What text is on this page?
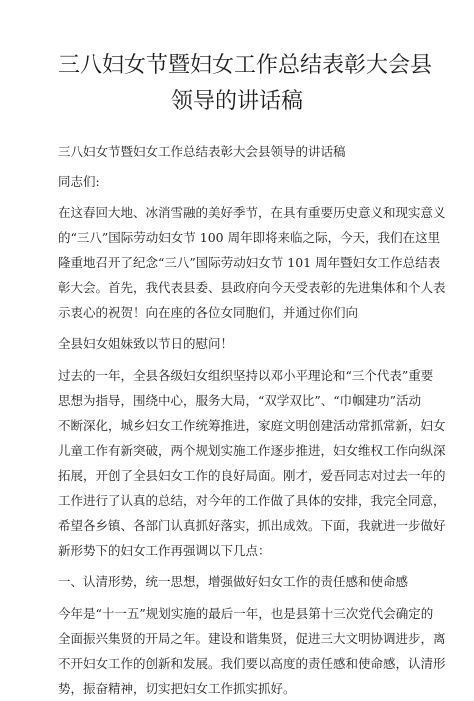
三八妇女节暨妇女工作总结表彰大会县
领导的讲话稿

三八妇女节暨妇女工作总结表彰大会县领导的讲话稿

同志们:

在这春回大地、冰消雪融的美好季节，在具有重要历史意义和现实意义
的“三八”国际劳动妇女节 100 周年即将来临之际，今天，我们在这里
隆重地召开了纪念“三八”国际劳动妇女节 101 周年暨妇女工作总结表
彰大会。首先，我代表县委、县政府向今天受表彰的先进集体和个人表
示衷心的祝贺！向在座的各位女同胞们，并通过你们向

全县妇女姐妹致以节日的慰问！

过去的一年，全县各级妇女组织坚持以邓小平理论和“三个代表”重要
思想为指导，围绕中心，服务大局，“双学双比”、“巾帼建功”活动
不断深化，城乡妇女工作统筹推进，家庭文明创建活动常抓常新，妇女
儿童工作有新突破，两个规划实施工作逐步推进，妇女维权工作向纵深
拓展，开创了全县妇女工作的良好局面。刚才，爱吾同志对过去一年的
工作进行了认真的总结，对今年的工作做了具体的安排，我完全同意，
希望各乡镇、各部门认真抓好落实，抓出成效。下面，我就进一步做好
新形势下的妇女工作再强调以下几点：

一、认清形势，统一思想，增强做好妇女工作的责任感和使命感

今年是“十一五”规划实施的最后一年，也是县第十三次党代会确定的
全面振兴集贤的开局之年。建设和谐集贤，促进三大文明协调进步，离
不开妇女工作的创新和发展。我们要以高度的责任感和使命感，认清形
势，振奋精神，切实把妇女工作抓实抓好。
